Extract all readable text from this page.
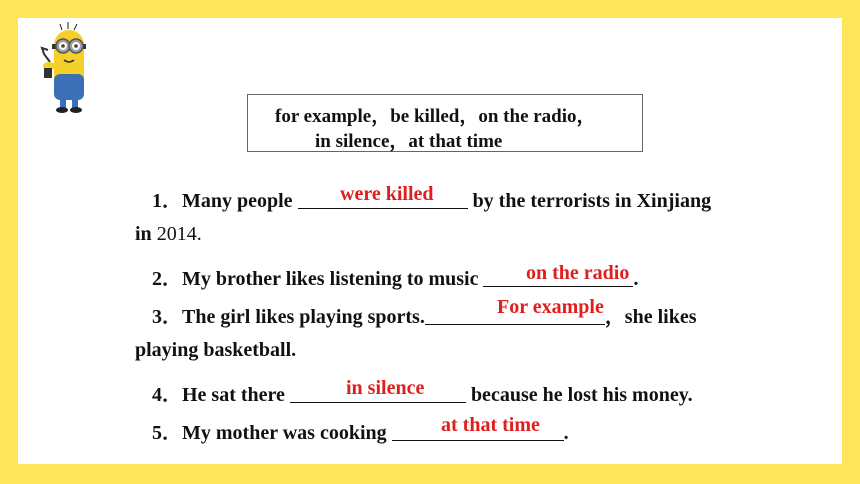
for example，be killed，on the radio，
in silence，at that time
1．Many people	by the terrorists in Xinjiang
were killed
in 2014.
2．My brother likes listening to music	.
on the radio
3．The girl likes playing sports.	，she likes
For example
playing basketball.
4．He sat there	because he lost his money.
in silence
5．My mother was cooking	.
at that time
